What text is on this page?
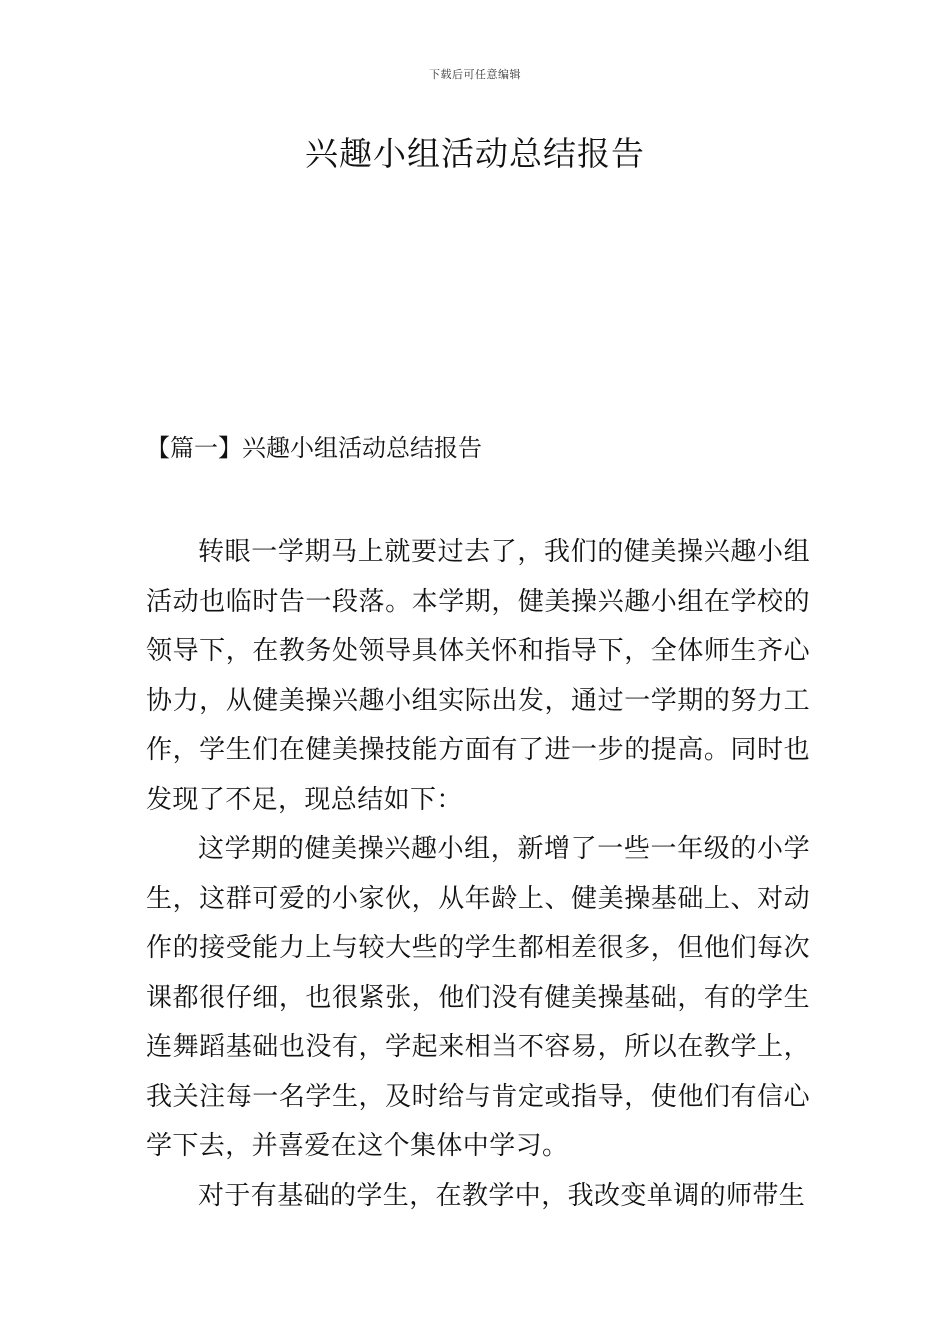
下载后可任意编辑
兴趣小组活动总结报告
【篇一】兴趣小组活动总结报告

转眼一学期马上就要过去了，我们的健美操兴趣小组活动也临时告一段落。本学期，健美操兴趣小组在学校的领导下，在教务处领导具体关怀和指导下，全体师生齐心协力，从健美操兴趣小组实际出发，通过一学期的努力工作，学生们在健美操技能方面有了进一步的提高。同时也发现了不足，现总结如下：

这学期的健美操兴趣小组，新增了一些一年级的小学生，这群可爱的小家伙，从年龄上、健美操基础上、对动作的接受能力上与较大些的学生都相差很多，但他们每次课都很仔细，也很紧张，他们没有健美操基础，有的学生连舞蹈基础也没有，学起来相当不容易，所以在教学上，我关注每一名学生，及时给与肯定或指导，使他们有信心学下去，并喜爱在这个集体中学习。

对于有基础的学生，在教学中，我改变单调的师带生
